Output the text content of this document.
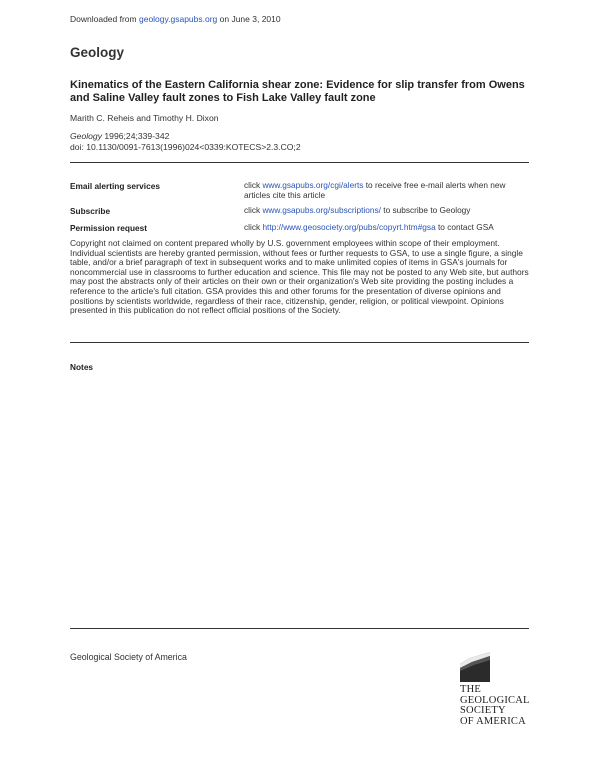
Downloaded from geology.gsapubs.org on June 3, 2010
Geology
Kinematics of the Eastern California shear zone: Evidence for slip transfer from Owens and Saline Valley fault zones to Fish Lake Valley fault zone
Marith C. Reheis and Timothy H. Dixon
Geology 1996;24;339-342
doi: 10.1130/0091-7613(1996)024<0339:KOTECS>2.3.CO;2
Email alerting services	click www.gsapubs.org/cgi/alerts to receive free e-mail alerts when new articles cite this article
Subscribe	click www.gsapubs.org/subscriptions/ to subscribe to Geology
Permission request	click http://www.geosociety.org/pubs/copyrt.htm#gsa to contact GSA
Copyright not claimed on content prepared wholly by U.S. government employees within scope of their employment. Individual scientists are hereby granted permission, without fees or further requests to GSA, to use a single figure, a single table, and/or a brief paragraph of text in subsequent works and to make unlimited copies of items in GSA's journals for noncommercial use in classrooms to further education and science. This file may not be posted to any Web site, but authors may post the abstracts only of their articles on their own or their organization's Web site providing the posting includes a reference to the article's full citation. GSA provides this and other forums for the presentation of diverse opinions and positions by scientists worldwide, regardless of their race, citizenship, gender, religion, or political viewpoint. Opinions presented in this publication do not reflect official positions of the Society.
Notes
Geological Society of America
THE
GEOLOGICAL
SOCIETY
OF AMERICA
